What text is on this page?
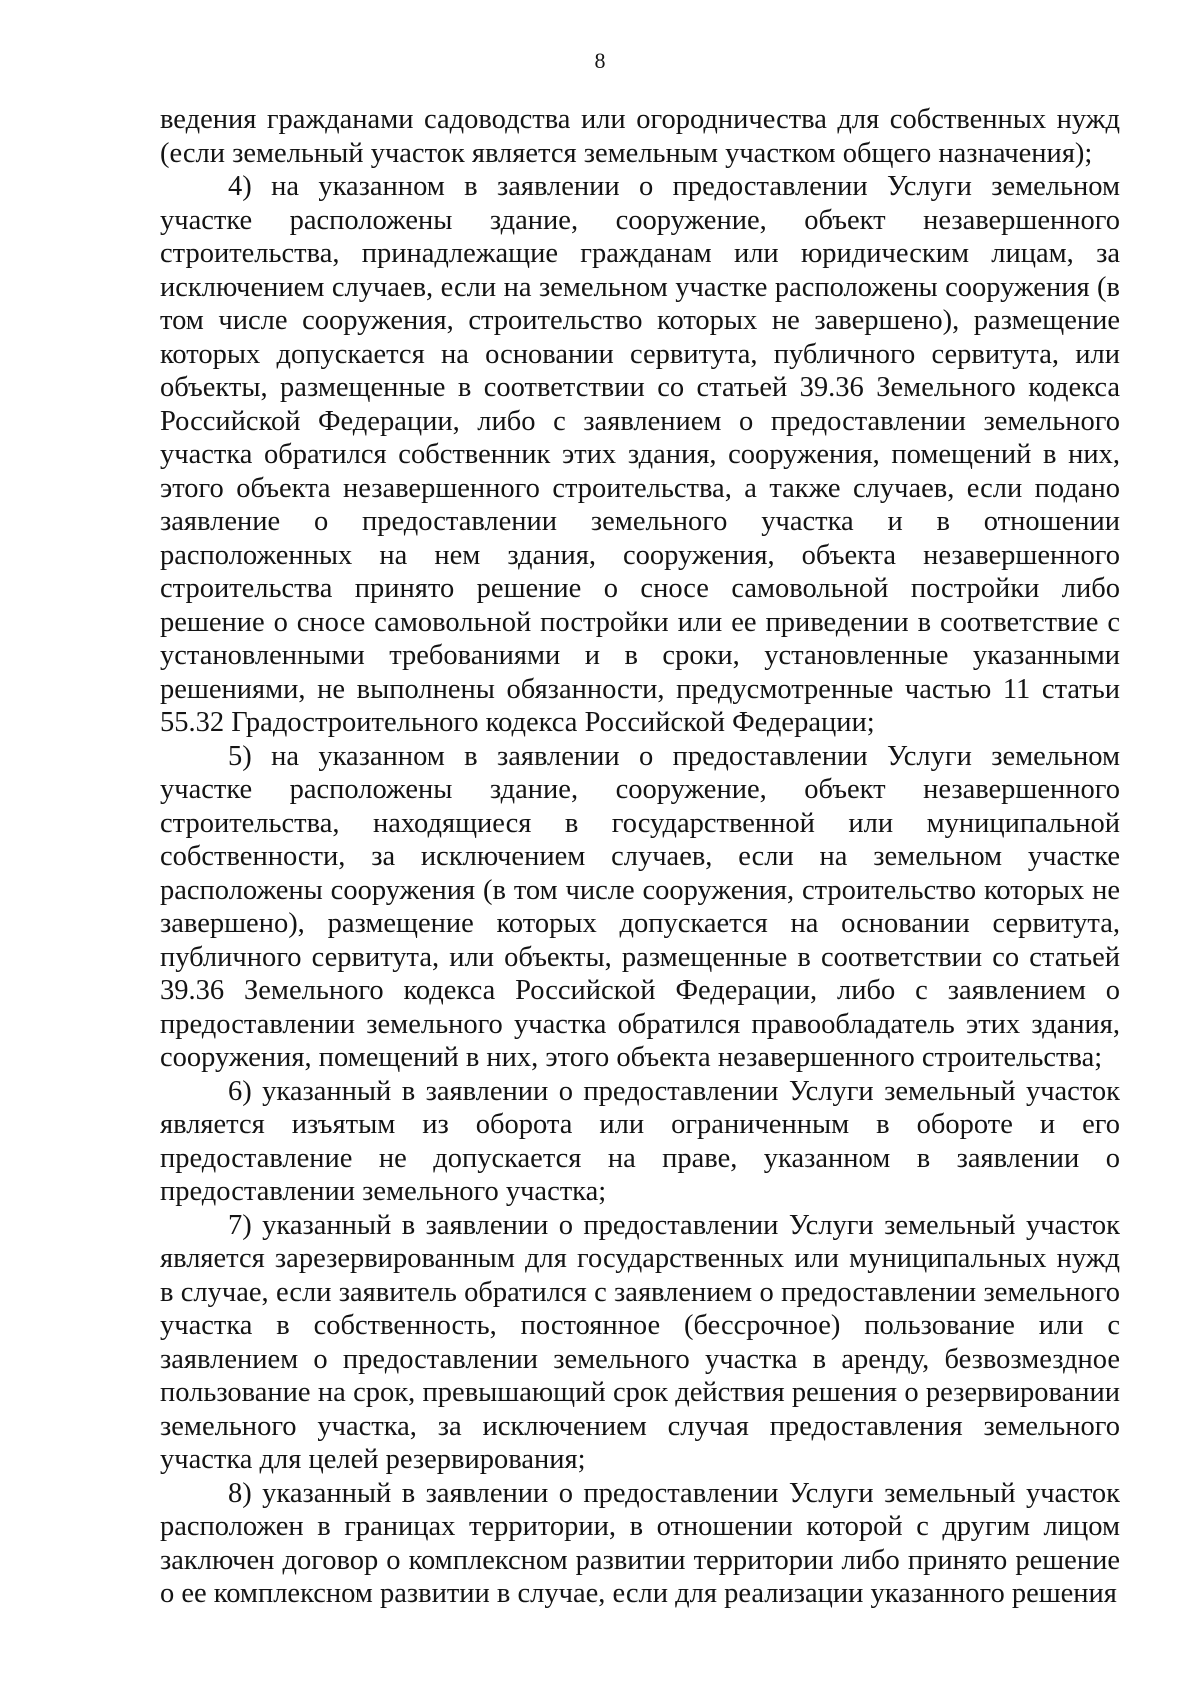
8

ведения гражданами садоводства или огородничества для собственных нужд (если земельный участок является земельным участком общего назначения);

4) на указанном в заявлении о предоставлении Услуги земельном участке расположены здание, сооружение, объект незавершенного строительства, принадлежащие гражданам или юридическим лицам, за исключением случаев, если на земельном участке расположены сооружения (в том числе сооружения, строительство которых не завершено), размещение которых допускается на основании сервитута, публичного сервитута, или объекты, размещенные в соответствии со статьей 39.36 Земельного кодекса Российской Федерации, либо с заявлением о предоставлении земельного участка обратился собственник этих здания, сооружения, помещений в них, этого объекта незавершенного строительства, а также случаев, если подано заявление о предоставлении земельного участка и в отношении расположенных на нем здания, сооружения, объекта незавершенного строительства принято решение о сносе самовольной постройки либо решение о сносе самовольной постройки или ее приведении в соответствие с установленными требованиями и в сроки, установленные указанными решениями, не выполнены обязанности, предусмотренные частью 11 статьи 55.32 Градостроительного кодекса Российской Федерации;

5) на указанном в заявлении о предоставлении Услуги земельном участке расположены здание, сооружение, объект незавершенного строительства, находящиеся в государственной или муниципальной собственности, за исключением случаев, если на земельном участке расположены сооружения (в том числе сооружения, строительство которых не завершено), размещение которых допускается на основании сервитута, публичного сервитута, или объекты, размещенные в соответствии со статьей 39.36 Земельного кодекса Российской Федерации, либо с заявлением о предоставлении земельного участка обратился правообладатель этих здания, сооружения, помещений в них, этого объекта незавершенного строительства;

6) указанный в заявлении о предоставлении Услуги земельный участок является изъятым из оборота или ограниченным в обороте и его предоставление не допускается на праве, указанном в заявлении о предоставлении земельного участка;

7) указанный в заявлении о предоставлении Услуги земельный участок является зарезервированным для государственных или муниципальных нужд в случае, если заявитель обратился с заявлением о предоставлении земельного участка в собственность, постоянное (бессрочное) пользование или с заявлением о предоставлении земельного участка в аренду, безвозмездное пользование на срок, превышающий срок действия решения о резервировании земельного участка, за исключением случая предоставления земельного участка для целей резервирования;

8) указанный в заявлении о предоставлении Услуги земельный участок расположен в границах территории, в отношении которой с другим лицом заключен договор о комплексном развитии территории либо принято решение о ее комплексном развитии в случае, если для реализации указанного решения
